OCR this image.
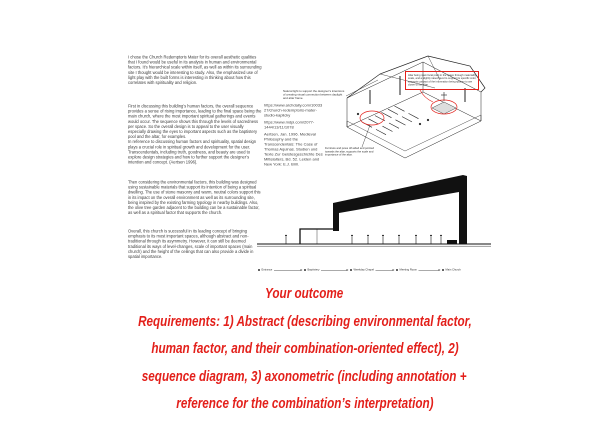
I chose the Church Redemptoris Mater for its overall aesthetic qualities that I found would be useful in its analysis in human and environmental factors. It’s hierarchical scale within itself, as well as within its surrounding site I thought would be interesting to study. Also, the emphasized use of light play with the built forms is interesting in thinking about how this correlates with spirituality and religion.

First in discussing this building’s human factors, the overall sequence provides a sense of rising importance, leading to the final space being the main church, where the most important spiritual gatherings and events would occur. The sequence shows this through the levels of sacredness per space. So the overall design is to appeal to the user visually especially drawing the eyes to important aspects such as the baptistery pool and the altar, for examples.

In reference to discussing human factors and spirituality, spatial design plays a crucial role in spiritual growth and development for the user. Transcendentals, including truth, goodness, and beauty are used to explore design strategies and how to further support the designer’s intention and concept. (Aertsen 1996).

Then considering the environmental factors, this building was designed using sustainable materials that support its intention of being a spiritual dwelling. The use of stone masonry and warm, neutral colors support this in its impact on the overall environment as well as its surrounding site, being inspired by the existing farming typology in nearby buildings. Also, the olive tree garden adjacent to the building can be a sustainable factor, as well as a spiritual factor that supports the church.

Overall, this church is successful in its leading concept of bringing emphasis to its most important spaces, although abstract and non-traditional through its asymmetry. However, it can still be deemed traditional its ways of level-changes, scale of important spaces (main church) and the height of the ceilings that can also provide a divide in spatial importance.

https://www.archdaily.com/1003327/church-redemptoris-mater-studio-kaplicky

https://www.mdpi.com/2077-1444/13/11/1078

Aertsen, Jan. 1996. Medieval Philosophy and the Transcendentals: The Case of Thomas Aquinas. Studien und Texte Zur Geistesgeschichte Des Mittelalters, Bd. 52. Leiden and New York: E.J. Brill.

Natural light to support the designer’s intentions of creating visual connection between daylight and altar frame.
Altar being main focal point in the space through materiality, scale, and a slightly raised level to support its specific color, supports concept of the information being spoken to are closer to the altar.
Furniture and pews off-sided and pointed towards the altar, supports the scale and importance of the altar.
Entrance	Baptistery	Weekday Chapel	Meeting Room	Main Church
Your outcome
Requirements: 1) Abstract (describing environmental factor,
human factor, and their combination-oriented effect), 2)
sequence diagram, 3) axonometric (including annotation +
reference for the combination’s interpretation)
